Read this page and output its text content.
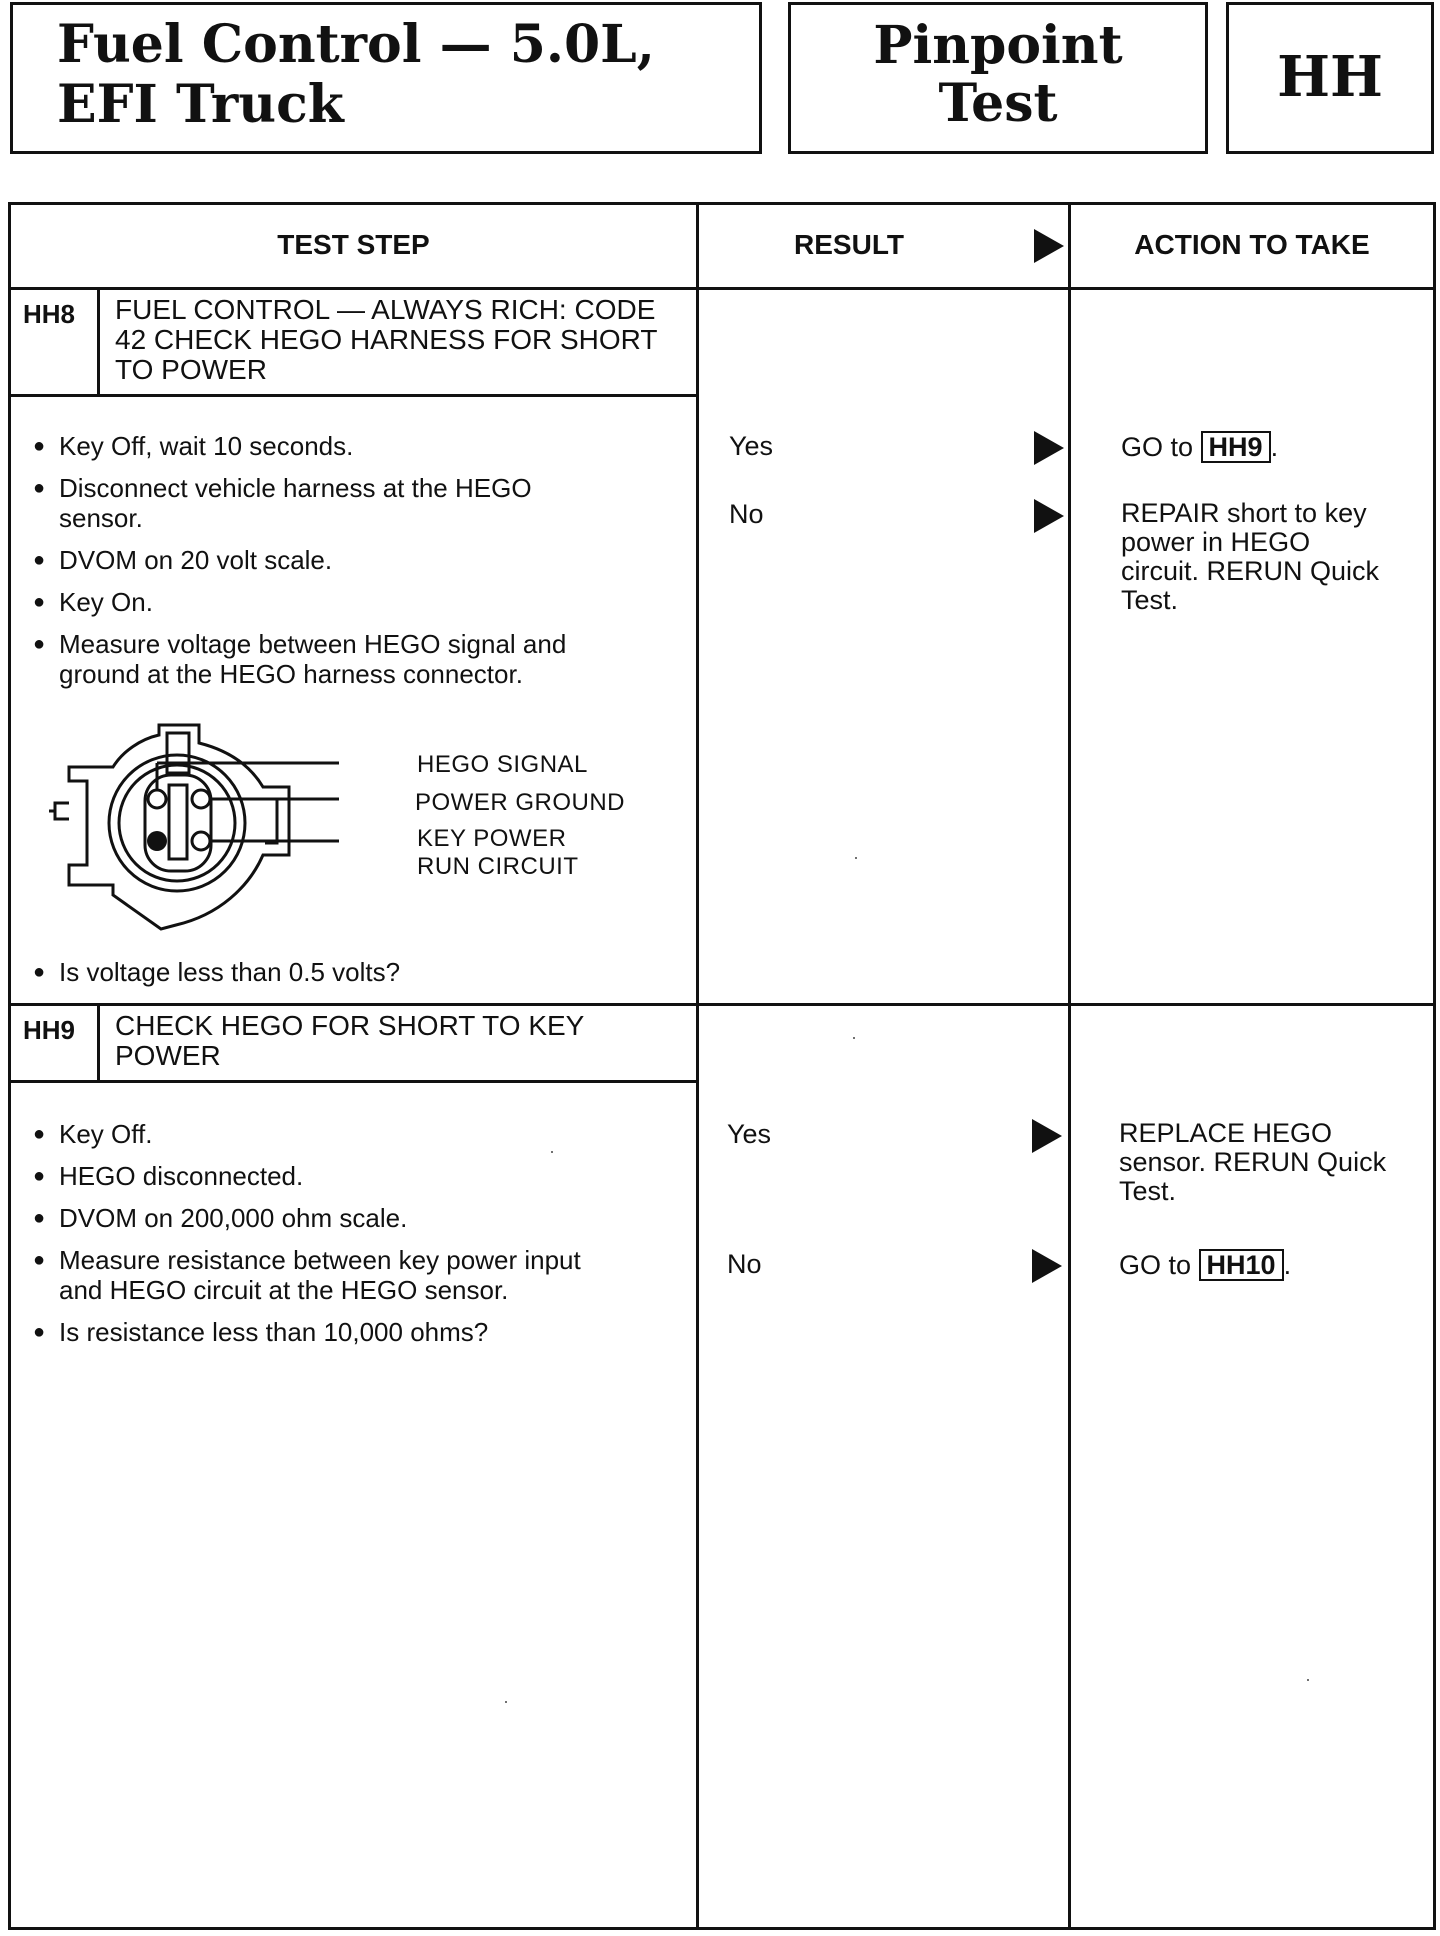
Fuel Control — 5.0L,
EFI Truck
Pinpoint
Test	HH
TEST STEP	RESULT	ACTION TO TAKE
HH8 FUEL CONTROL — ALWAYS RICH: CODE
42 CHECK HEGO HARNESS FOR SHORT
TO POWER
● Key Off, wait 10 seconds.
● Disconnect vehicle harness at the HEGO
sensor.
● DVOM on 20 volt scale.
● Key On.
● Measure voltage between HEGO signal and
ground at the HEGO harness connector.
HEGO SIGNAL
POWER GROUND
KEY POWER
RUN CIRCUIT
● Is voltage less than 0.5 volts?
Yes	GO to HH9 .
No	REPAIR short to key
power in HEGO
circuit. RERUN Quick
Test.
HH9 CHECK HEGO FOR SHORT TO KEY
POWER
● Key Off.
● HEGO disconnected.
● DVOM on 200,000 ohm scale.
● Measure resistance between key power input
and HEGO circuit at the HEGO sensor.
● Is resistance less than 10,000 ohms?
Yes	REPLACE HEGO
sensor. RERUN Quick
Test.
No	GO to HH10 .
